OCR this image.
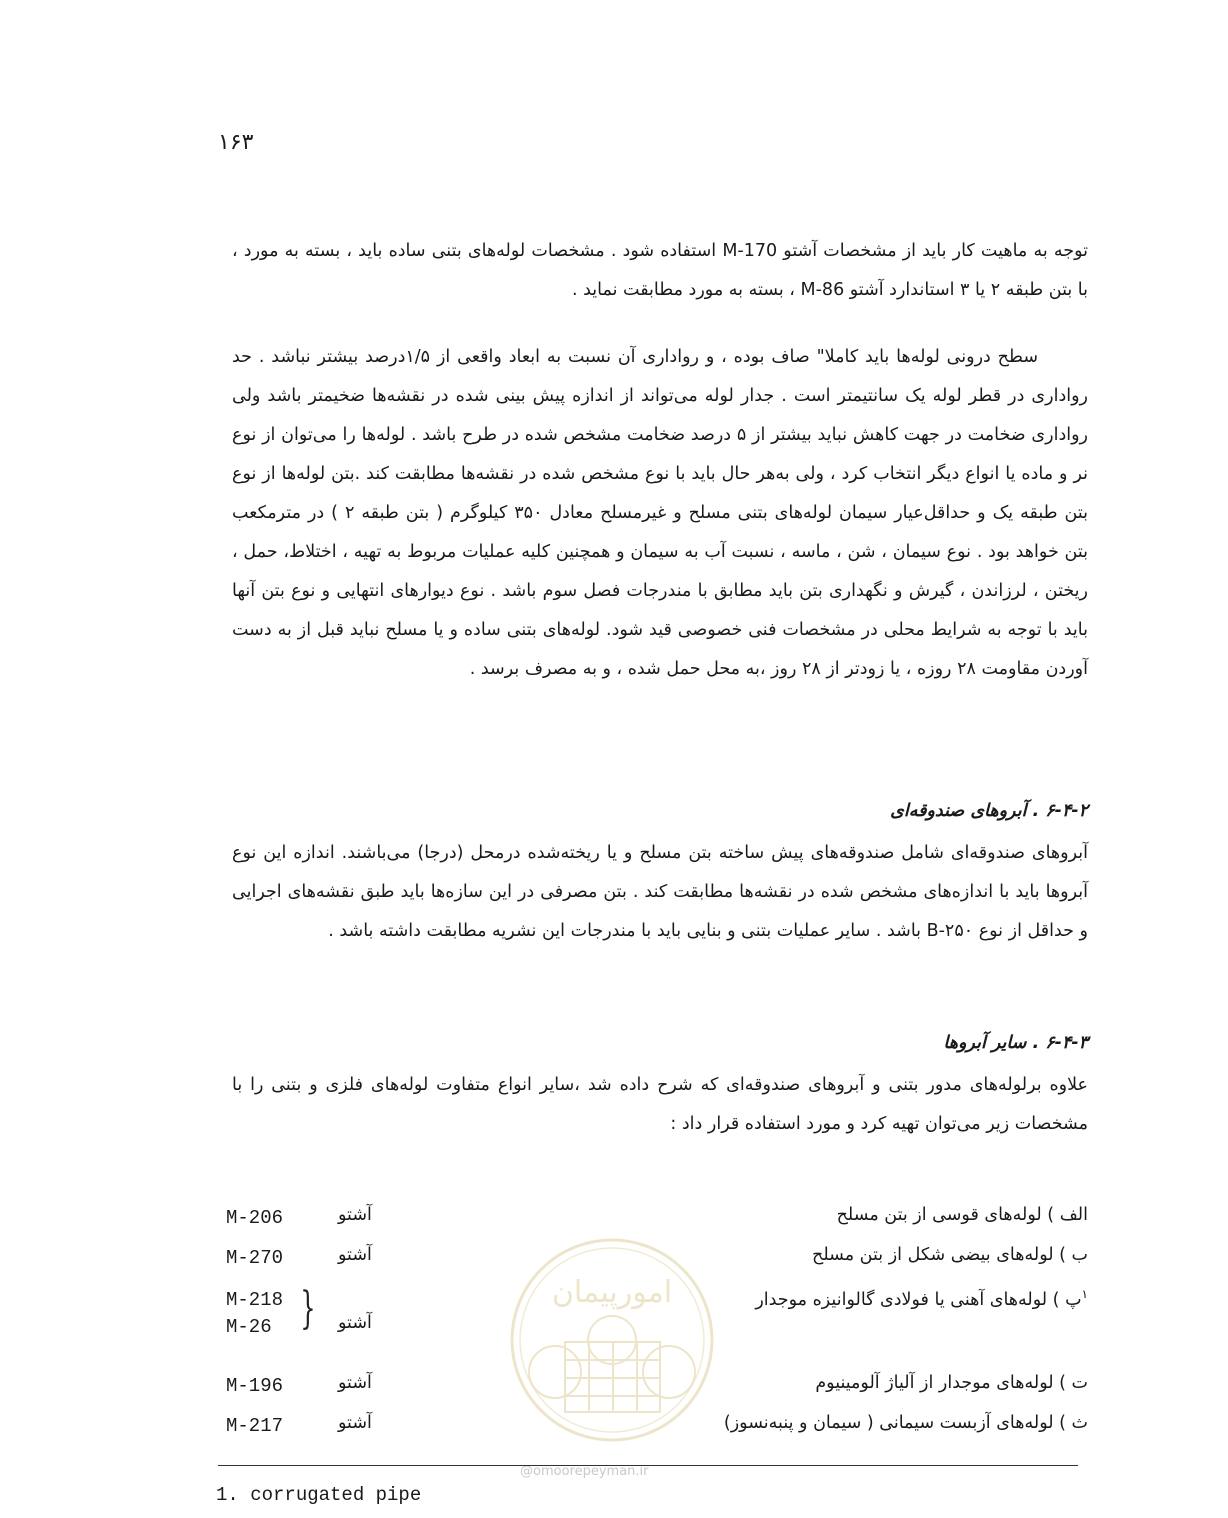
۱۶۳

توجه به ماهیت کار باید از مشخصات آشتو M-170 استفاده شود . مشخصات لوله‌های بتنی ساده باید ، بسته به مورد ، با بتن طبقه ۲ یا ۳ استاندارد آشتو M-86 ، بسته به مورد مطابقت نماید .

سطح درونی لوله‌ها باید کاملا" صاف بوده ، و رواداری آن نسبت به ابعاد واقعی از ۱/۵درصد بیشتر نباشد . حد رواداری در قطر لوله یک سانتیمتر است . جدار لوله می‌تواند از اندازه پیش بینی شده در نقشه‌ها ضخیمتر باشد ولی رواداری ضخامت در جهت کاهش نباید بیشتر از ۵ درصد ضخامت مشخص شده در طرح باشد . لوله‌ها را می‌توان از نوع نر و ماده یا انواع دیگر انتخاب کرد ، ولی به‌هر حال باید با نوع مشخص شده در نقشه‌ها مطابقت کند .بتن لوله‌ها از نوع بتن طبقه یک و حداقل‌عیار سیمان لوله‌های بتنی مسلح و غیرمسلح معادل ۳۵۰ کیلوگرم ( بتن طبقه ۲ ) در مترمکعب بتن خواهد بود . نوع سیمان ، شن ، ماسه ، نسبت آب به سیمان و همچنین کلیه عملیات مربوط به تهیه ، اختلاط، حمل ، ریختن ، لرزاندن ، گیرش و نگهداری بتن باید مطابق با مندرجات فصل سوم باشد . نوع دیوارهای انتهایی و نوع بتن آنها باید با توجه به شرایط محلی در مشخصات فنی خصوصی قید شود. لوله‌های بتنی ساده و یا مسلح نباید قبل از به دست آوردن مقاومت ۲۸ روزه ، یا زودتر از ۲۸ روز ،به محل حمل شده ، و به مصرف برسد .

۶-۴-۲ . آبروهای صندوقه‌ای

آبروهای صندوقه‌ای شامل صندوقه‌های پیش ساخته بتن مسلح و یا ریخته‌شده درمحل (درجا) می‌باشند. اندازه این نوع آبروها باید با اندازه‌های مشخص شده در نقشه‌ها مطابقت کند . بتن مصرفی در این سازه‌ها باید طبق نقشه‌های اجرایی و حداقل از نوع B-۲۵۰ باشد . سایر عملیات بتنی و بنایی باید با مندرجات این نشریه مطابقت داشته باشد .

۶-۴-۳ . سایر آبروها

علاوه برلوله‌های مدور بتنی و آبروهای صندوقه‌ای که شرح داده شد ،سایر انواع متفاوت لوله‌های فلزی و بتنی را با مشخصات زیر می‌توان تهیه کرد و مورد استفاده قرار داد :

الف ) لوله‌های قوسی از بتن مسلح
آشتو
M-206
ب ) لوله‌های بیضی شکل از بتن مسلح
آشتو
M-270
$^۱$پ ) لوله‌های آهنی یا فولادی گالوانیزه موجدار
آشتو
}
M-218
M-26
ت ) لوله‌های موجدار از آلیاژ آلومینیوم
آشتو
M-196
ث ) لوله‌های آزبست سیمانی ( سیمان و پنبه‌نسوز)
آشتو
M-217
امورپیمان
@omoorepeyman.ir
1. corrugated pipe
